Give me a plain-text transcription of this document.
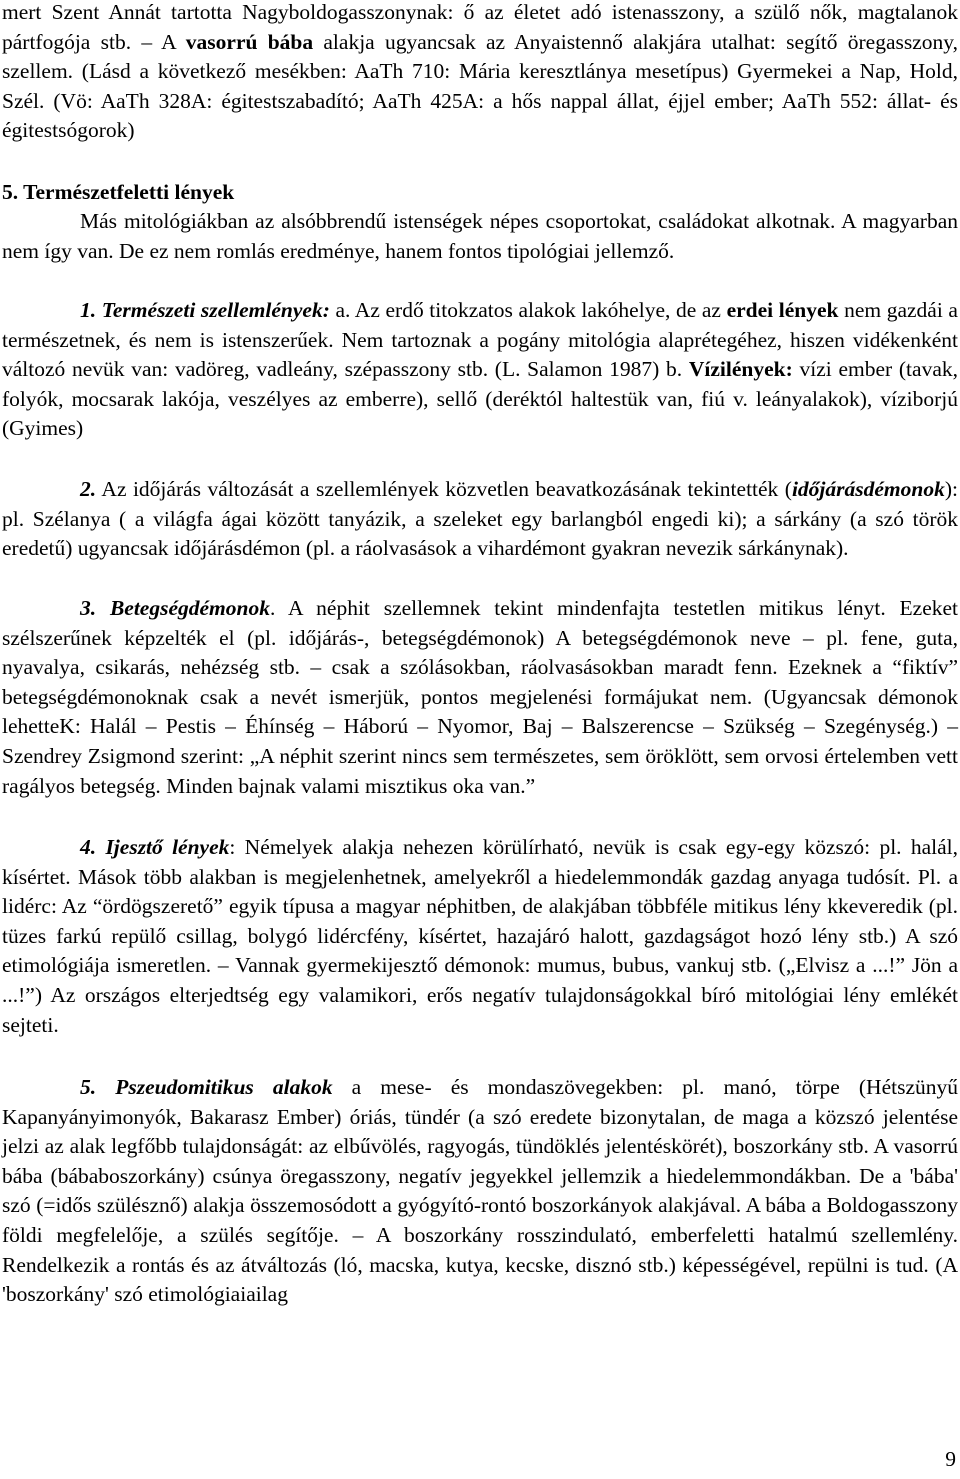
mert Szent Annát tartotta Nagyboldogasszonynak: ő az életet adó istenasszony, a szülő nők, magtalanok pártfogója stb. – A vasorrú bába alakja ugyancsak az Anyaistennő alakjára utalhat: segítő öregasszony, szellem. (Lásd a következő mesékben: AaTh 710: Mária keresztlánya mesetípus) Gyermekei a Nap, Hold, Szél. (Vö: AaTh 328A: égitestszabadító; AaTh 425A: a hős nappal állat, éjjel ember; AaTh 552: állat- és égitestsógorok)

5. Természetfeletti lények

Más mitológiákban az alsóbbrendű istenségek népes csoportokat, családokat alkotnak. A magyarban nem így van. De ez nem romlás eredménye, hanem fontos tipológiai jellemző.

1. Természeti szellemlények: a. Az erdő titokzatos alakok lakóhelye, de az erdei lények nem gazdái a természetnek, és nem is istenszerűek. Nem tartoznak a pogány mitológia alaprétegéhez, hiszen vidékenként változó nevük van: vadöreg, vadleány, szépasszony stb. (L. Salamon 1987) b. Vízilények: vízi ember (tavak, folyók, mocsarak lakója, veszélyes az emberre), sellő (deréktól haltestük van, fiú v. leányalakok), víziborjú (Gyimes)

2. Az időjárás változását a szellemlények közvetlen beavatkozásának tekintették (időjárásdémonok): pl. Szélanya ( a világfa ágai között tanyázik, a szeleket egy barlangból engedi ki); a sárkány (a szó török eredetű) ugyancsak időjárásdémon (pl. a ráolvasások a vihardémont gyakran nevezik sárkánynak).

3. Betegségdémonok. A néphit szellemnek tekint mindenfajta testetlen mitikus lényt. Ezeket szélszerűnek képzelték el (pl. időjárás-, betegségdémonok) A betegségdémonok neve – pl. fene, guta, nyavalya, csikarás, nehézség stb. – csak a szólásokban, ráolvasásokban maradt fenn. Ezeknek a “fiktív” betegségdémonoknak csak a nevét ismerjük, pontos megjelenési formájukat nem. (Ugyancsak démonok lehetteK: Halál – Pestis – Éhínség – Háború – Nyomor, Baj – Balszerencse – Szükség – Szegénység.) – Szendrey Zsigmond szerint: „A néphit szerint nincs sem természetes, sem öröklött, sem orvosi értelemben vett ragályos betegség. Minden bajnak valami misztikus oka van.”

4. Ijesztő lények: Némelyek alakja nehezen körülírható, nevük is csak egy-egy közszó: pl. halál, kísértet. Mások több alakban is megjelenhetnek, amelyekről a hiedelemmondák gazdag anyaga tudósít. Pl. a lidérc: Az “ördögszerető” egyik típusa a magyar néphitben, de alakjában többféle mitikus lény kkeveredik (pl. tüzes farkú repülő csillag, bolygó lidércfény, kísértet, hazajáró halott, gazdagságot hozó lény stb.) A szó etimológiája ismeretlen. – Vannak gyermekijesztő démonok: mumus, bubus, vankuj stb. („Elvisz a ...!” Jön a ...!”) Az országos elterjedtség egy valamikori, erős negatív tulajdonságokkal bíró mitológiai lény emlékét sejteti.

5. Pszeudomitikus alakok a mese- és mondaszövegekben: pl. manó, törpe (Hétszünyű Kapanyányimonyók, Bakarasz Ember) óriás, tündér (a szó eredete bizonytalan, de maga a közszó jelentése jelzi az alak legfőbb tulajdonságát: az elbűvölés, ragyogás, tündöklés jelentéskörét), boszorkány stb. A vasorrú bába (bábaboszorkány) csúnya öregasszony, negatív jegyekkel jellemzik a hiedelemmondákban. De a 'bába' szó (=idős szülésznő) alakja összemosódott a gyógyító-rontó boszorkányok alakjával. A bába a Boldogasszony földi megfelelője, a szülés segítője. – A boszorkány rosszindulató, emberfeletti hatalmú szellemlény. Rendelkezik a rontás és az átváltozás (ló, macska, kutya, kecske, disznó stb.) képességével, repülni is tud. (A 'boszorkány' szó etimológiaiailag

9
